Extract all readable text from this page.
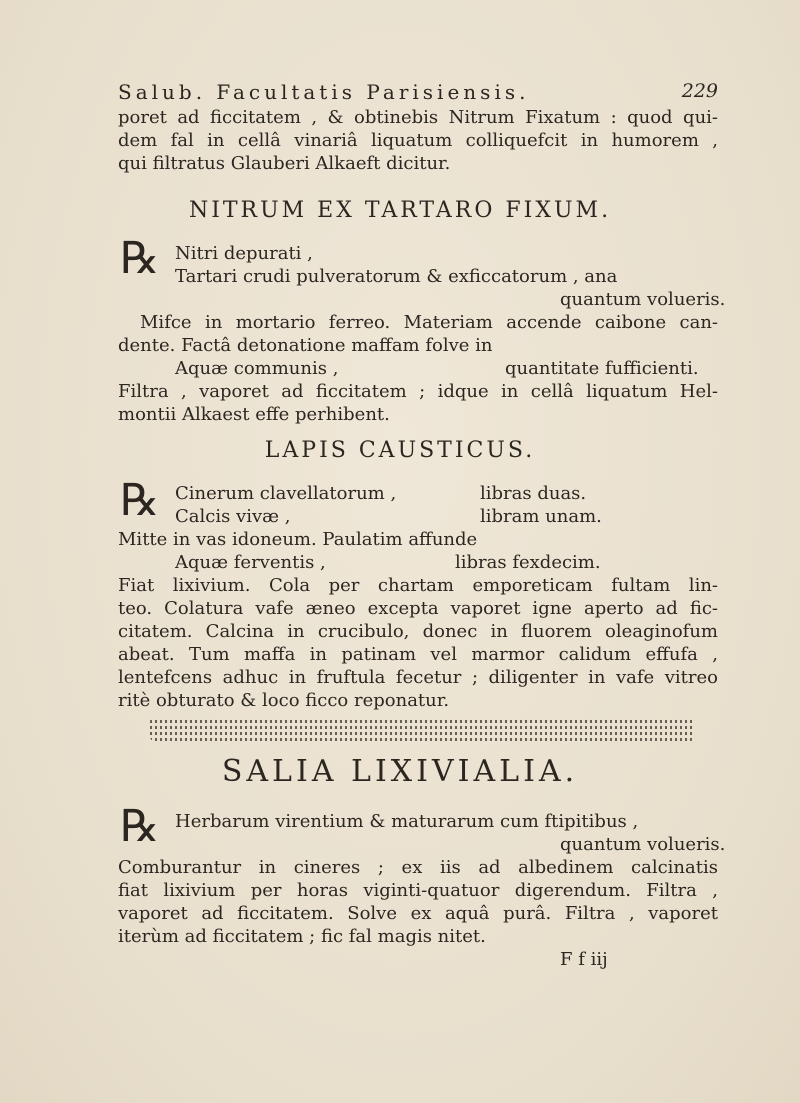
Salub. Facultatis Parisiensis.	229
poret ad ficcitatem , & obtinebis Nitrum Fixatum : quod qui-
dem fal in cellâ vinariâ liquatum colliquefcit in humorem ,
qui filtratus Glauberi Alkaeft dicitur.
NITRUM EX TARTARO FIXUM.
℞ Nitri depurati ,
Tartari crudi pulveratorum & exficcatorum , ana
quantum volueris.
Mifce in mortario ferreo. Materiam accende caibone can-
dente. Factâ detonatione maffam folve in
Aquæ communis ,	quantitate fufficienti.
Filtra , vaporet ad ficcitatem ; idque in cellâ liquatum Hel-
montii Alkaest effe perhibent.
LAPIS CAUSTICUS.
℞ Cinerum clavellatorum ,	libras duas.
Calcis vivæ ,	libram unam.
Mitte in vas idoneum. Paulatim affunde
Aquæ ferventis ,	libras fexdecim.
Fiat lixivium. Cola per chartam emporeticam fultam lin-
teo. Colatura vafe æneo excepta vaporet igne aperto ad fic-
citatem. Calcina in crucibulo, donec in fluorem oleaginofum
abeat. Tum maffa in patinam vel marmor calidum effufa ,
lentefcens adhuc in fruftula fecetur ; diligenter in vafe vitreo
ritè obturato & loco ficco reponatur.
SALIA LIXIVIALIA.
℞ Herbarum virentium & maturarum cum ftipitibus ,
quantum volueris.
Comburantur in cineres ; ex iis ad albedinem calcinatis
fiat lixivium per horas viginti-quatuor digerendum. Filtra ,
vaporet ad ficcitatem. Solve ex aquâ purâ. Filtra , vaporet
iterùm ad ficcitatem ; fic fal magis nitet.
F f iij
